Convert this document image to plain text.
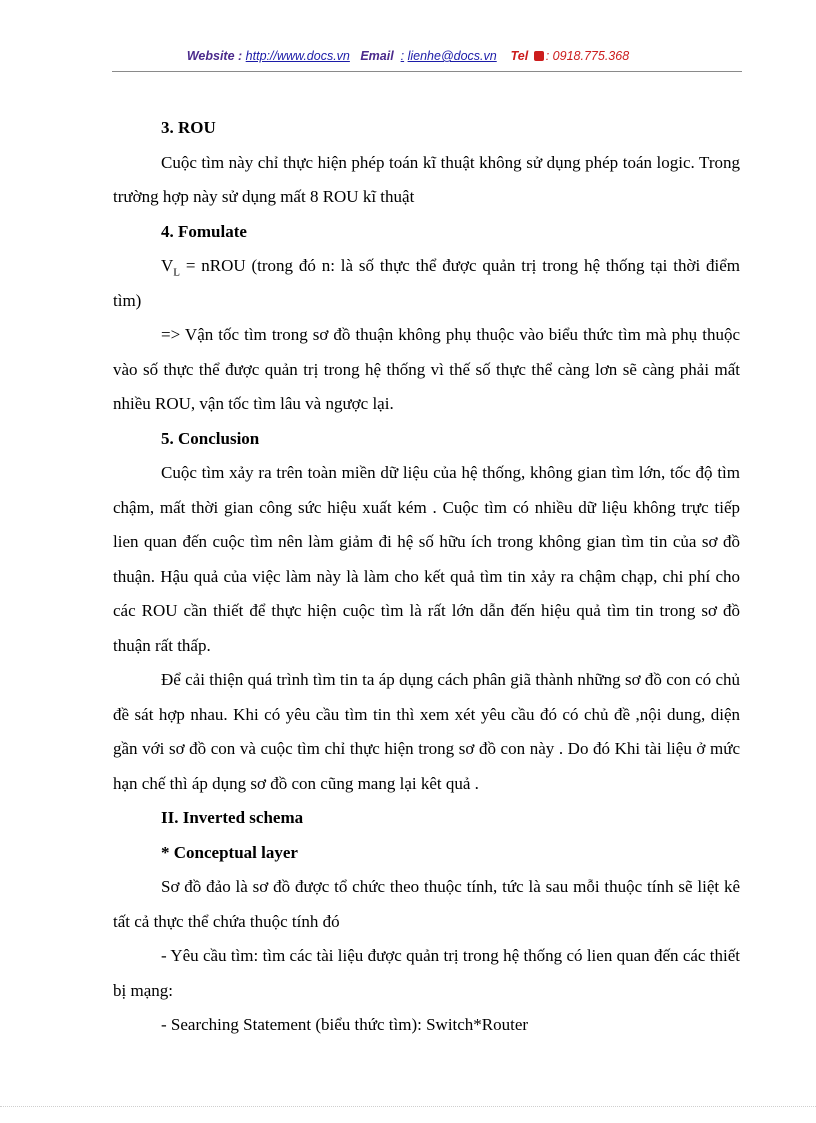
Website : http://www.docs.vn Email : lienhe@docs.vn Tel : 0918.775.368

3. ROU

Cuộc tìm này chỉ thực hiện phép toán kĩ thuật không sử dụng phép toán logic. Trong trường hợp này sử dụng mất 8 ROU kĩ thuật

4. Fomulate

$V_L$ = nROU (trong đó n: là số thực thể được quản trị trong hệ thống tại thời điểm tìm)

=> Vận tốc tìm trong sơ đồ thuận không phụ thuộc vào biểu thức tìm mà phụ thuộc vào số thực thể được quản trị trong hệ thống vì thế số thực thể càng lơn sẽ càng phải mất nhiều ROU, vận tốc tìm lâu và ngược lại.

5. Conclusion

Cuộc tìm xảy ra trên toàn miền dữ liệu của hệ thống, không gian tìm lớn, tốc độ tìm chậm, mất thời gian công sức hiệu xuất kém . Cuộc tìm có nhiều dữ liệu không trực tiếp lien quan đến cuộc tìm nên làm giảm đi hệ số hữu ích trong không gian tìm tin của sơ đồ thuận. Hậu quả của việc làm này là làm cho kết quả tìm tin xảy ra chậm chạp, chi phí cho các ROU cần thiết để thực hiện cuộc tìm là rất lớn dẫn đến hiệu quả tìm tin trong sơ đồ thuận rất thấp.

Để cải thiện quá trình tìm tin ta áp dụng cách phân giã thành những sơ đồ con có chủ đề sát hợp nhau. Khi có yêu cầu tìm tin thì xem xét yêu cầu đó có chủ đề ,nội dung, diện gần với sơ đồ con và cuộc tìm chỉ thực hiện trong sơ đồ con này . Do đó Khi tài liệu ở mức hạn chế thì áp dụng sơ đồ con cũng mang lại kêt quả .

II. Inverted schema

* Conceptual layer

Sơ đồ đảo là sơ đồ được tổ chức theo thuộc tính, tức là sau mỗi thuộc tính sẽ liệt kê tất cả thực thể chứa thuộc tính đó

- Yêu cầu tìm: tìm các tài liệu được quản trị trong hệ thống có lien quan đến các thiết bị mạng:

- Searching Statement (biểu thức tìm): Switch*Router
